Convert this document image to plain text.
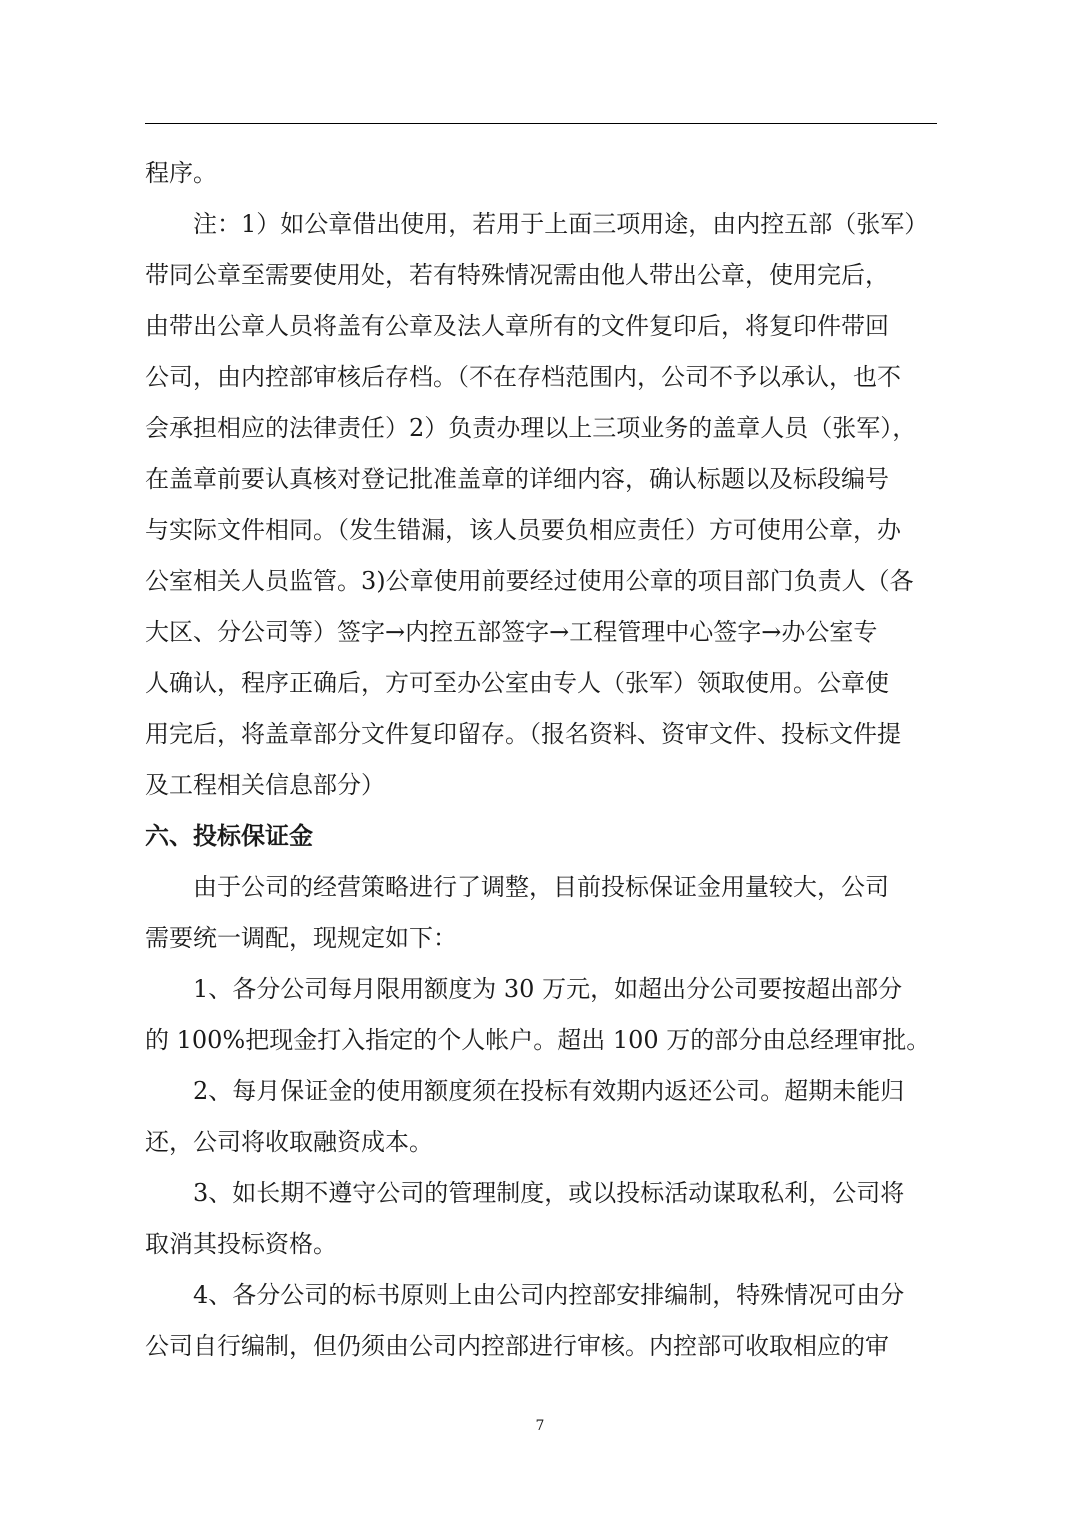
程序。
注：1）如公章借出使用，若用于上面三项用途，由内控五部（张军）
带同公章至需要使用处，若有特殊情况需由他人带出公章，使用完后，
由带出公章人员将盖有公章及法人章所有的文件复印后，将复印件带回
公司，由内控部审核后存档。（不在存档范围内，公司不予以承认，也不
会承担相应的法律责任）2）负责办理以上三项业务的盖章人员（张军），
在盖章前要认真核对登记批准盖章的详细内容，确认标题以及标段编号
与实际文件相同。（发生错漏，该人员要负相应责任）方可使用公章，办
公室相关人员监管。3)公章使用前要经过使用公章的项目部门负责人（各
大区、分公司等）签字→内控五部签字→工程管理中心签字→办公室专
人确认，程序正确后，方可至办公室由专人（张军）领取使用。公章使
用完后，将盖章部分文件复印留存。（报名资料、资审文件、投标文件提
及工程相关信息部分）
六、投标保证金
由于公司的经营策略进行了调整，目前投标保证金用量较大，公司
需要统一调配，现规定如下：
1、各分公司每月限用额度为 30 万元，如超出分公司要按超出部分
的 100%把现金打入指定的个人帐户。超出 100 万的部分由总经理审批。
2、每月保证金的使用额度须在投标有效期内返还公司。超期未能归
还，公司将收取融资成本。
3、如长期不遵守公司的管理制度，或以投标活动谋取私利，公司将
取消其投标资格。
4、各分公司的标书原则上由公司内控部安排编制，特殊情况可由分
公司自行编制，但仍须由公司内控部进行审核。内控部可收取相应的审
7
